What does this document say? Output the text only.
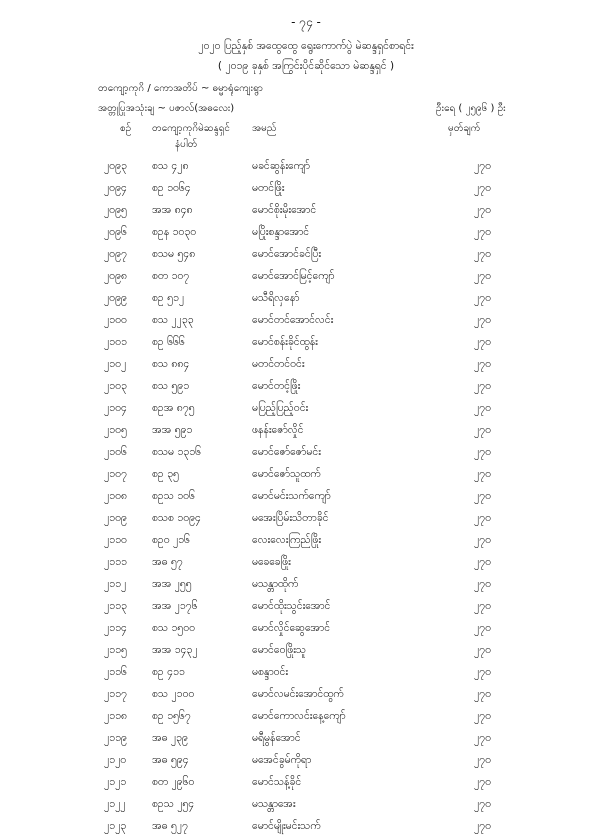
- ၇၄ -
၂၀၂၀ ပြည့်နှစ် အထွေထွေ ရွေးကောက်ပွဲ မဲဆန္ဒရှင်စာရင်း
( ၂၀၁၉ ခုနှစ် အကြွင်းပိုင်ဆိုင်သော မဲဆန္ဒရှင် )
တကျော့ကုဂိ / ကောအတိပ် ~ ဓမ္မာရုံကျေးရွာ
အတ္တုပြုအသုံးချ ~ ပဇာလ်(အဓလေး)	ဦးရေ ( ၂၅၉၆ ) ဦး
စဉ် တကျော့ကုဂိမဲဆန္ဒရှင်
နံပါတ်
အမည်	မှတ်ချက်
၂၀၉၃ စသ ၄၂၈	မခင်ဆွန်းကျော်	၂၇၀
၂၀၉၄ စဥ ၁၀၆၄	မတင်ဖြိုး	၂၇၀
၂၀၉၅ အအ ၈၄၈	မောင်စိုးမိုးအောင်	၂၇၀
၂၀၉၆ စဥန ၁၀၃၀	မပြိုးစန္ဒာအောင်	၂၇၀
၂၀၉၇ စသမ ၅၄၈	မောင်အောင်ခင်ပြီး	၂၇၀
၂၀၉၈ စတ ၁၀၇	မောင်အောင်မြင့်ကျော်	၂၇၀
၂၀၉၉ စဥ ၅၁၂	မသီရိလှနော်	၂၇၀
၂၁၀၀ စသ ၂၂၃၃	မောင်တင်အောင်လင်း	၂၇၀
၂၁၀၁ စဥ ၆၆၆	မောင်စန်းခိုင်ထွန်း	၂၇၀
၂၁၀၂ စသ ၈၈၄	မတင်တင်ဝင်း	၂၇၀
၂၁၀၃ စသ ၅၉၁	မောင်တင့်ဖြိုး	၂၇၀
၂၁၀၄ စဥအ ၈၇၅	မပြည့်ပြည့်ဝင်း	၂၇၀
၂၁၀၅ အအ ၅၉၁	ဖနန်းဇော်လှိုင်	၂၇၀
၂၁၀၆ စသမ ၁၃၁၆	မောင်ဇော်ဇော်မင်း	၂၇၀
၂၁၀၇ စဥ ၃၅	မောင်ဇော်သူထက်	၂၇၀
၂၁၀၈ စဥသ ၁၀၆	မောင်မင်းသက်ကျော်	၂၇၀
၂၁၀၉ စသစ ၁၀၉၄	မအေးပြိမ်းသိတာခိုင်	၂၇၀
၂၁၁၀ စဥ၀ ၂၁၆	လေးလေးကြည်ဖြိုး	၂၇၀
၂၁၁၁ အဓ ၅၇	မခေခေဖြိုး	၂၇၀
၂၁၁၂ အအ ၂၅၅	မသန္တာထိုက်	၂၇၀
၂၁၁၃ အအ ၂၁၇၆	မောင်ထိုးသွင်းအောင်	၂၇၀
၂၁၁၄ စသ ၁၅၀၀	မောင်လှိုင်ဆွေအောင်	၂၇၀
၂၁၁၅ အအ ၁၄၃၂	မောင်ဝေဖြိုးသူ	၂၇၀
၂၁၁၆ စဥ ၄၁၁	မစန္ဒာဝင်း	၂၇၀
၂၁၁၇ စသ ၂၁၀၀	မောင်လမင်းအောင်ထွက်	၂၇၀
၂၁၁၈ စဥ ၁၅၆၇	မောင်ကောလင်းနေ့ကျော်	၂၇၀
၂၁၁၉ အဓ ၂၃၉	မရီမွန်အောင်	၂၇၀
၂၁၂၀ အဓ ၅၉၄	မအေင်ခွမ်ကိုရာ	၂၇၀
၂၁၂၁ စတ ၂၉၆၀	မောင်သန့်ခိုင်	၂၇၀
၂၁၂၂	စဥသ ၂၅၄	မသန္တာအေး	၂၇၀
၂၁၂၃ အဓ ၅၂၇	မောင်မျိုးမင်းသက်	၂၇၀
